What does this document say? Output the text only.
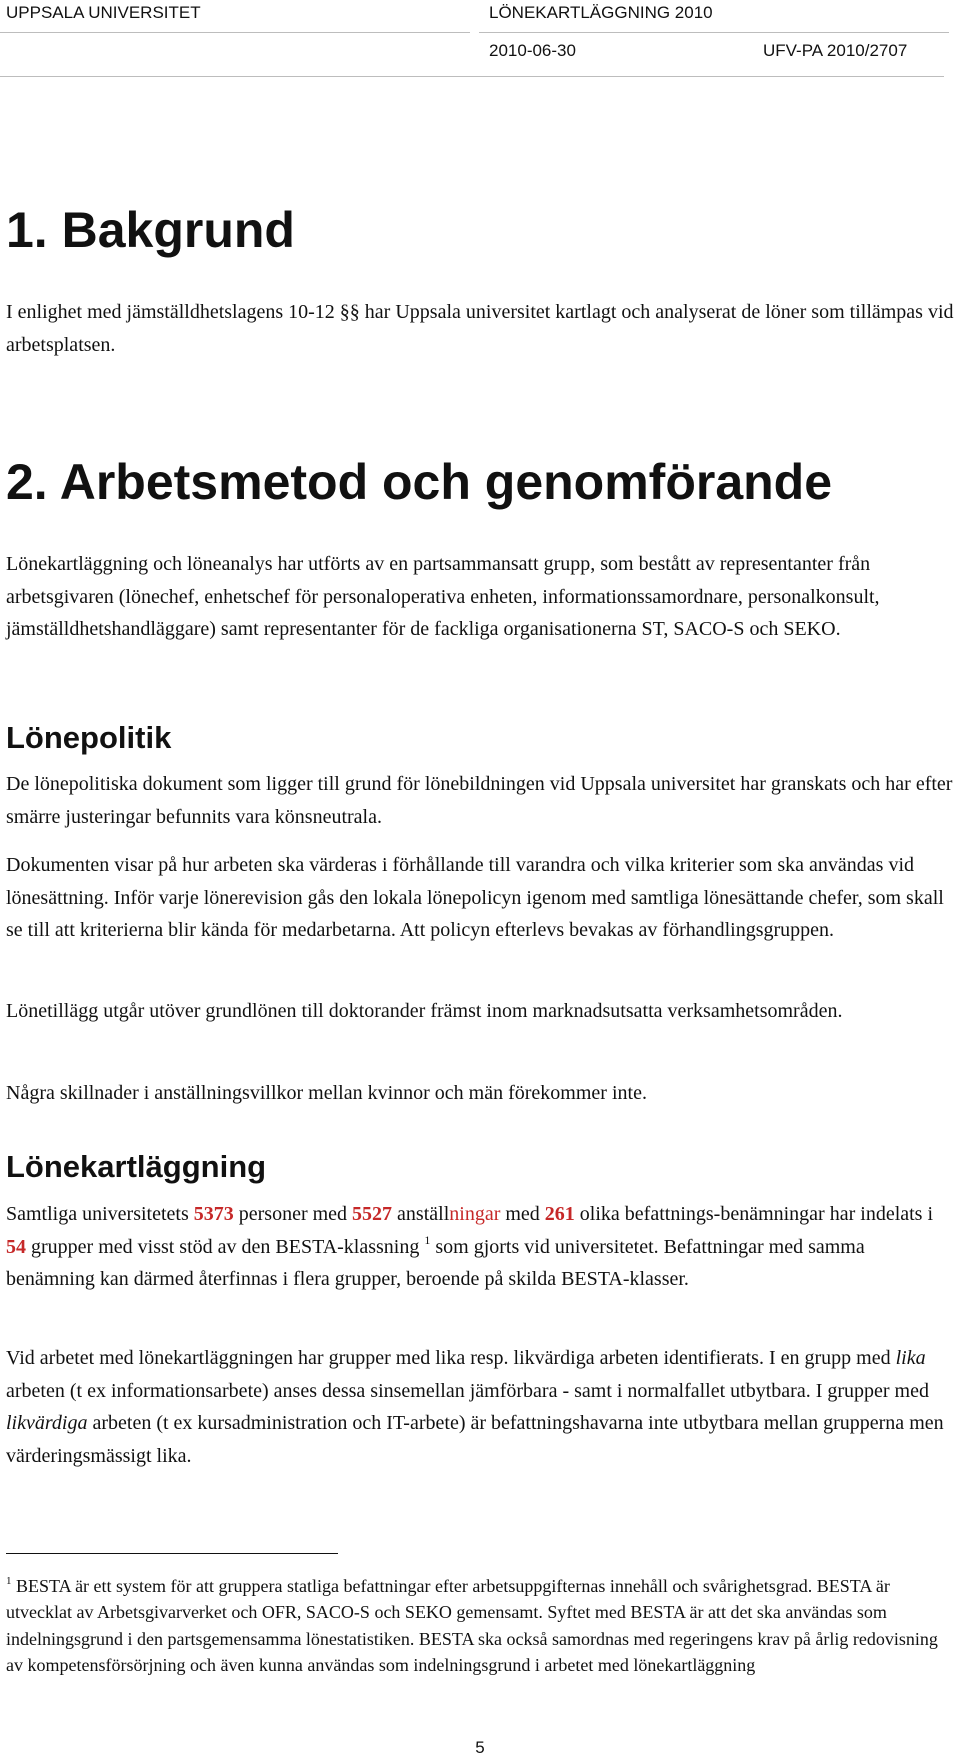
UPPSALA UNIVERSITET	LÖNEKARTLÄGGNING 2010
2010-06-30	UFV-PA 2010/2707
1. Bakgrund

I enlighet med jämställdhetslagens 10-12 §§ har Uppsala universitet kartlagt och analyserat de löner som tillämpas vid arbetsplatsen.

2. Arbetsmetod och genomförande

Lönekartläggning och löneanalys har utförts av en partsammansatt grupp, som bestått av representanter från arbetsgivaren (lönechef, enhetschef för personaloperativa enheten, informationssamordnare, personalkonsult, jämställdhetshandläggare) samt representanter för de fackliga organisationerna ST, SACO-S och SEKO.

Lönepolitik

De lönepolitiska dokument som ligger till grund för lönebildningen vid Uppsala universitet har granskats och har efter smärre justeringar befunnits vara könsneutrala.

Dokumenten visar på hur arbeten ska värderas i förhållande till varandra och vilka kriterier som ska användas vid lönesättning. Inför varje lönerevision gås den lokala lönepolicyn igenom med samtliga lönesättande chefer, som skall se till att kriterierna blir kända för medarbetarna. Att policyn efterlevs bevakas av förhandlingsgruppen.

Lönetillägg utgår utöver grundlönen till doktorander främst inom marknadsutsatta verksamhetsområden.

Några skillnader i anställningsvillkor mellan kvinnor och män förekommer inte.

Lönekartläggning

Samtliga universitetets 5373 personer med 5527 anställningar med 261 olika befattnings-benämningar har indelats i 54 grupper med visst stöd av den BESTA-klassning $^1$ som gjorts vid universitetet. Befattningar med samma benämning kan därmed återfinnas i flera grupper, beroende på skilda BESTA-klasser.

Vid arbetet med lönekartläggningen har grupper med lika resp. likvärdiga arbeten identifierats. I en grupp med lika arbeten (t ex informationsarbete) anses dessa sinsemellan jämförbara - samt i normalfallet utbytbara. I grupper med likvärdiga arbeten (t ex kursadministration och IT-arbete) är befattningshavarna inte utbytbara mellan grupperna men värderingsmässigt lika.

$^1$ BESTA är ett system för att gruppera statliga befattningar efter arbetsuppgifternas innehåll och svårighetsgrad. BESTA är utvecklat av Arbetsgivarverket och OFR, SACO-S och SEKO gemensamt. Syftet med BESTA är att det ska användas som indelningsgrund i den partsgemensamma lönestatistiken. BESTA ska också samordnas med regeringens krav på årlig redovisning av kompetensförsörjning och även kunna användas som indelningsgrund i arbetet med lönekartläggning

5
